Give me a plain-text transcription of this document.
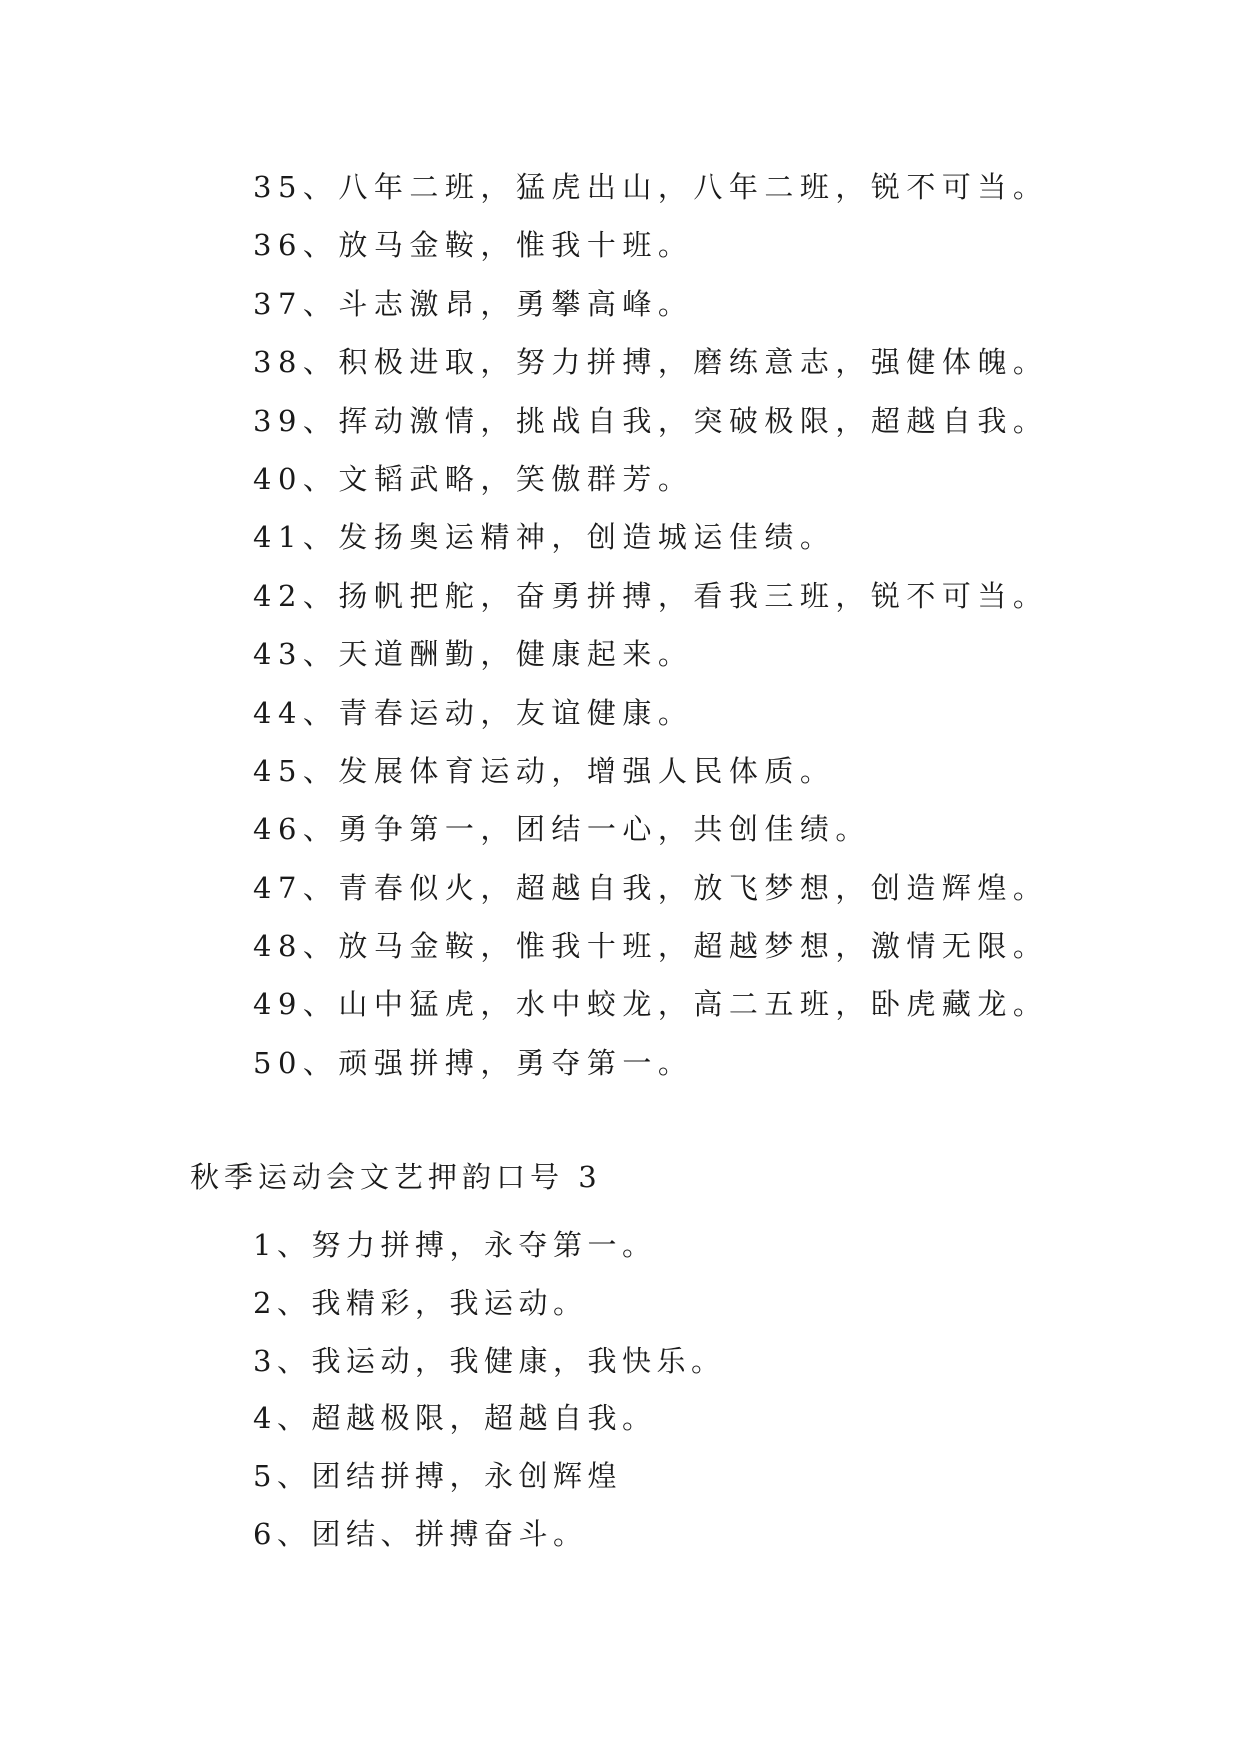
35、八年二班，猛虎出山，八年二班，锐不可当。
36、放马金鞍，惟我十班。
37、斗志激昂，勇攀高峰。
38、积极进取，努力拼搏，磨练意志，强健体魄。
39、挥动激情，挑战自我，突破极限，超越自我。
40、文韬武略，笑傲群芳。
41、发扬奥运精神，创造城运佳绩。
42、扬帆把舵，奋勇拼搏，看我三班，锐不可当。
43、天道酬勤，健康起来。
44、青春运动，友谊健康。
45、发展体育运动，增强人民体质。
46、勇争第一，团结一心，共创佳绩。
47、青春似火，超越自我，放飞梦想，创造辉煌。
48、放马金鞍，惟我十班，超越梦想，激情无限。
49、山中猛虎，水中蛟龙，高二五班，卧虎藏龙。
50、顽强拼搏，勇夺第一。
秋季运动会文艺押韵口号 3
1、努力拼搏，永夺第一。
2、我精彩，我运动。
3、我运动，我健康，我快乐。
4、超越极限，超越自我。
5、团结拼搏，永创辉煌
6、团结、拼搏奋斗。
